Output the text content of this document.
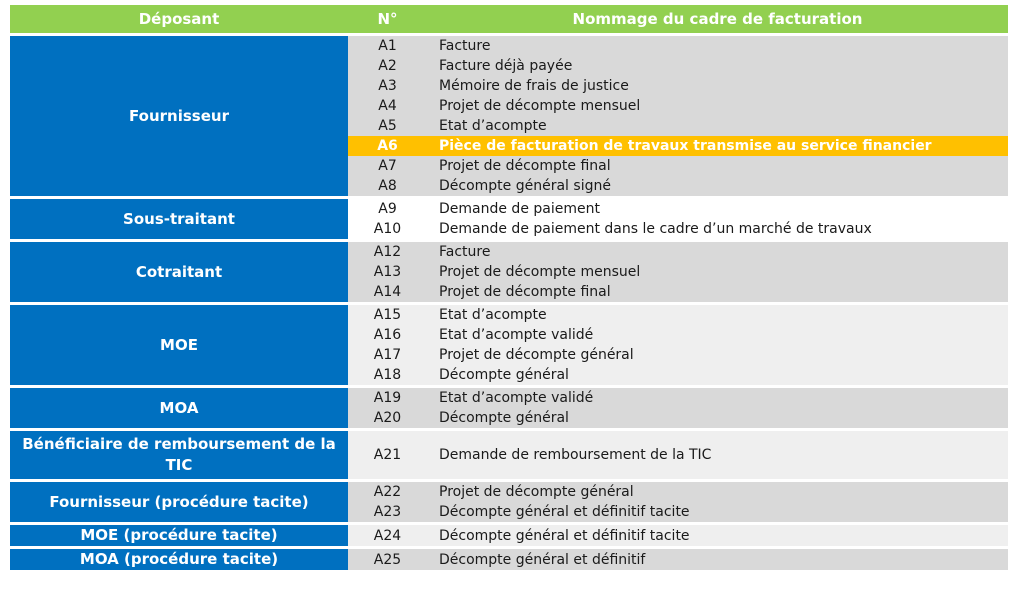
Déposant	N°	Nommage du cadre de facturation
Fournisseur	A1	Facture
	A2	Facture déjà payée
	A3	Mémoire de frais de justice
	A4	Projet de décompte mensuel
	A5	Etat d’acompte
	A6	Pièce de facturation de travaux transmise au service financier
	A7	Projet de décompte final
	A8	Décompte général signé
Sous-traitant	A9	Demande de paiement
	A10	Demande de paiement dans le cadre d’un marché de travaux
Cotraitant	A12	Facture
	A13	Projet de décompte mensuel
	A14	Projet de décompte final
MOE	A15	Etat d’acompte
	A16	Etat d’acompte validé
	A17	Projet de décompte général
	A18	Décompte général
MOA	A19	Etat d’acompte validé
	A20	Décompte général
Bénéficiaire de remboursement de la TIC	A21	Demande de remboursement de la TIC
Fournisseur (procédure tacite)	A22	Projet de décompte général
	A23	Décompte général et définitif tacite
MOE (procédure tacite)	A24	Décompte général et définitif tacite
MOA (procédure tacite)	A25	Décompte général et définitif
